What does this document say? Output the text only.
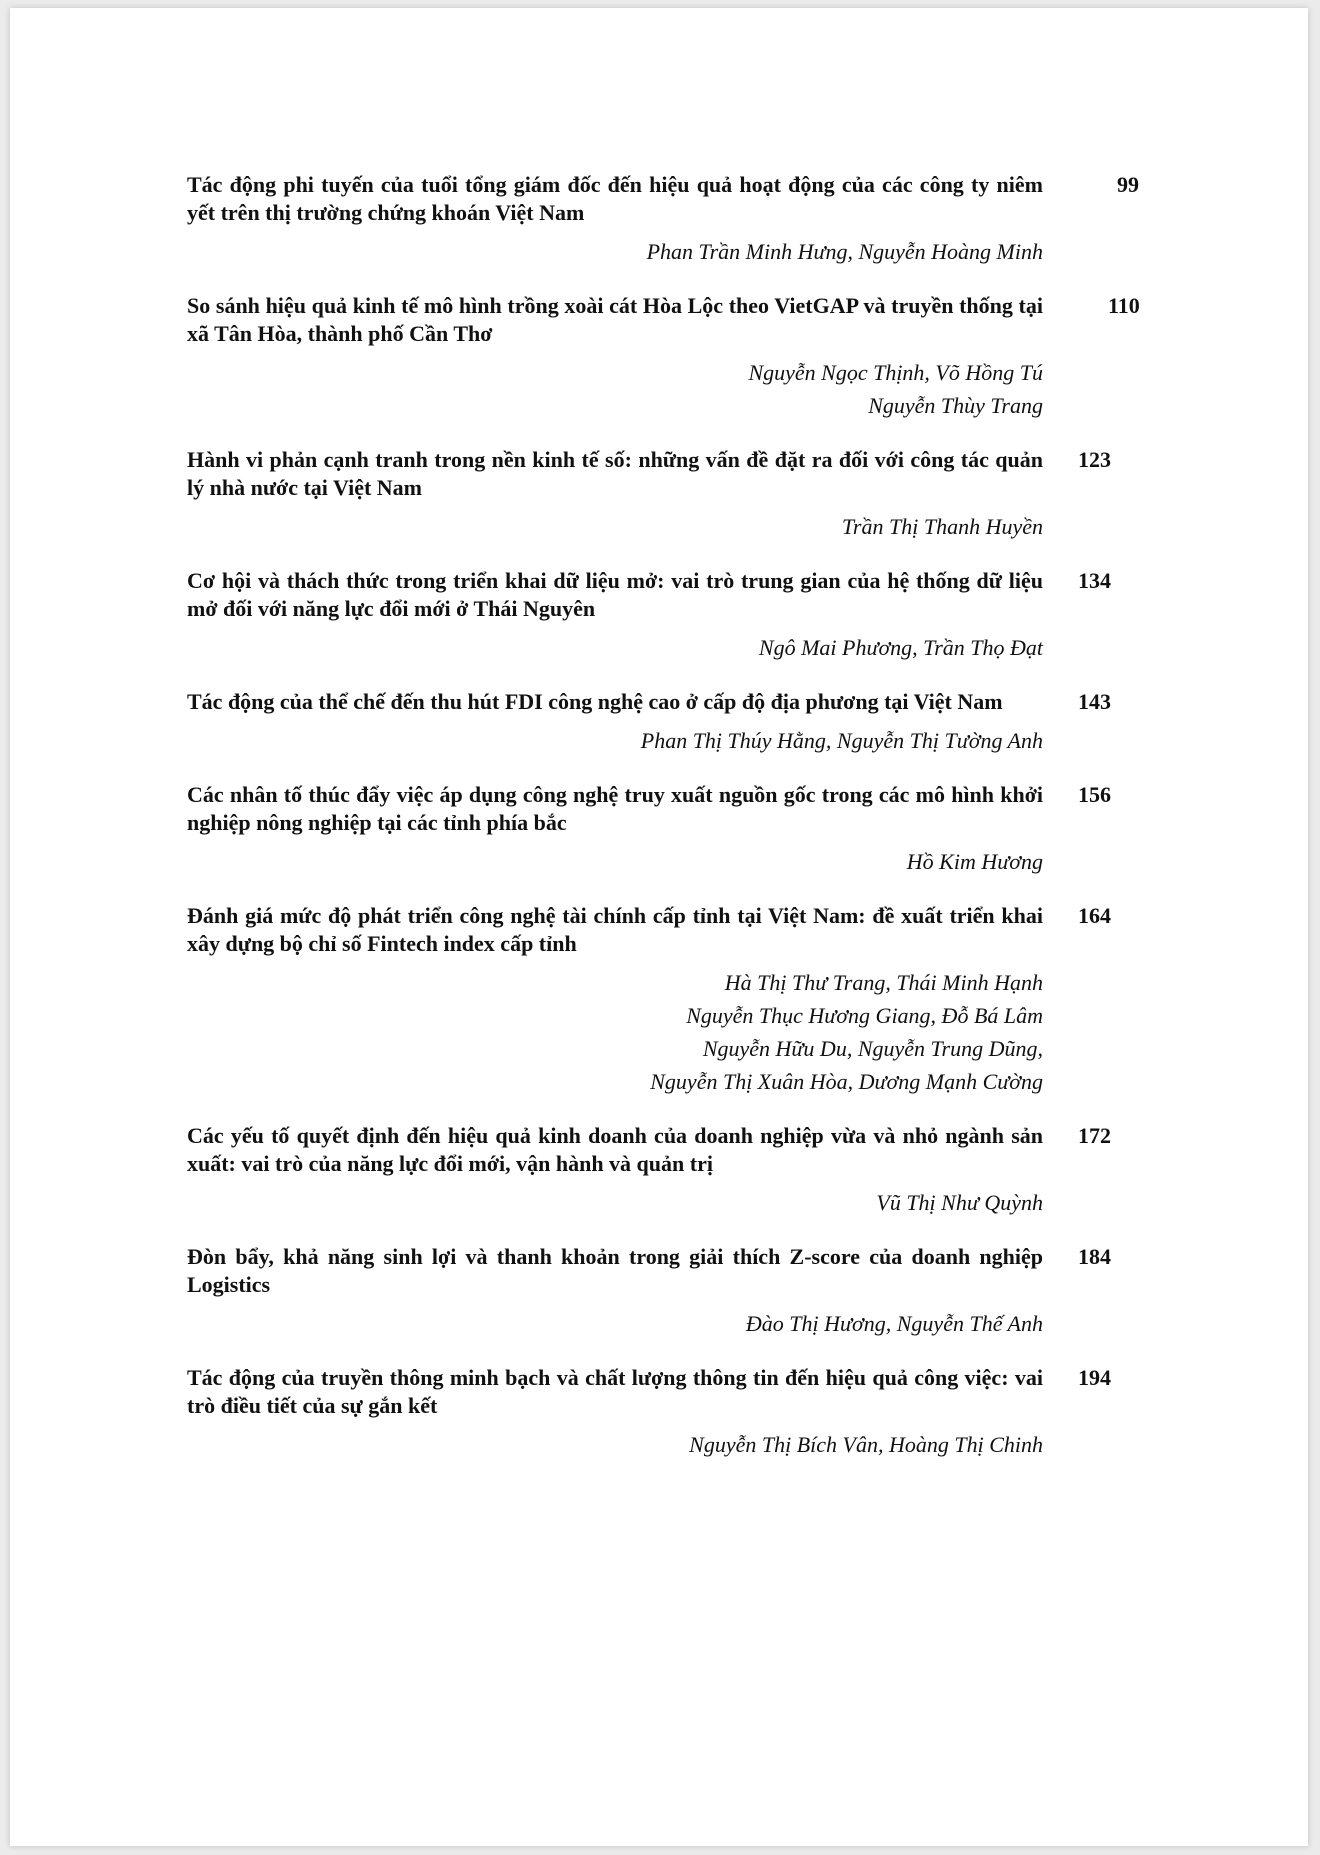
Tác động phi tuyến của tuổi tổng giám đốc đến hiệu quả hoạt động của các công ty niêm yết trên thị trường chứng khoán Việt Nam
99
Phan Trần Minh Hưng, Nguyễn Hoàng Minh
So sánh hiệu quả kinh tế mô hình trồng xoài cát Hòa Lộc theo VietGAP và truyền thống tại xã Tân Hòa, thành phố Cần Thơ
110
Nguyễn Ngọc Thịnh, Võ Hồng Tú
Nguyễn Thùy Trang
Hành vi phản cạnh tranh trong nền kinh tế số: những vấn đề đặt ra đối với công tác quản lý nhà nước tại Việt Nam
123
Trần Thị Thanh Huyền
Cơ hội và thách thức trong triển khai dữ liệu mở: vai trò trung gian của hệ thống dữ liệu mở đối với năng lực đổi mới ở Thái Nguyên
134
Ngô Mai Phương, Trần Thọ Đạt
Tác động của thể chế đến thu hút FDI công nghệ cao ở cấp độ địa phương tại Việt Nam	143
Phan Thị Thúy Hằng, Nguyễn Thị Tường Anh
Các nhân tố thúc đẩy việc áp dụng công nghệ truy xuất nguồn gốc trong các mô hình khởi nghiệp nông nghiệp tại các tỉnh phía bắc
156
Hồ Kim Hương
Đánh giá mức độ phát triển công nghệ tài chính cấp tỉnh tại Việt Nam: đề xuất triển khai xây dựng bộ chỉ số Fintech index cấp tỉnh
164
Hà Thị Thư Trang, Thái Minh Hạnh
Nguyễn Thục Hương Giang, Đỗ Bá Lâm
Nguyễn Hữu Du, Nguyễn Trung Dũng,
Nguyễn Thị Xuân Hòa, Dương Mạnh Cường
Các yếu tố quyết định đến hiệu quả kinh doanh của doanh nghiệp vừa và nhỏ ngành sản xuất: vai trò của năng lực đổi mới, vận hành và quản trị
172
Vũ Thị Như Quỳnh
Đòn bẩy, khả năng sinh lợi và thanh khoản trong giải thích Z-score của doanh nghiệp Logistics
184
Đào Thị Hương, Nguyễn Thế Anh
Tác động của truyền thông minh bạch và chất lượng thông tin đến hiệu quả công việc: vai trò điều tiết của sự gắn kết
194
Nguyễn Thị Bích Vân, Hoàng Thị Chinh
